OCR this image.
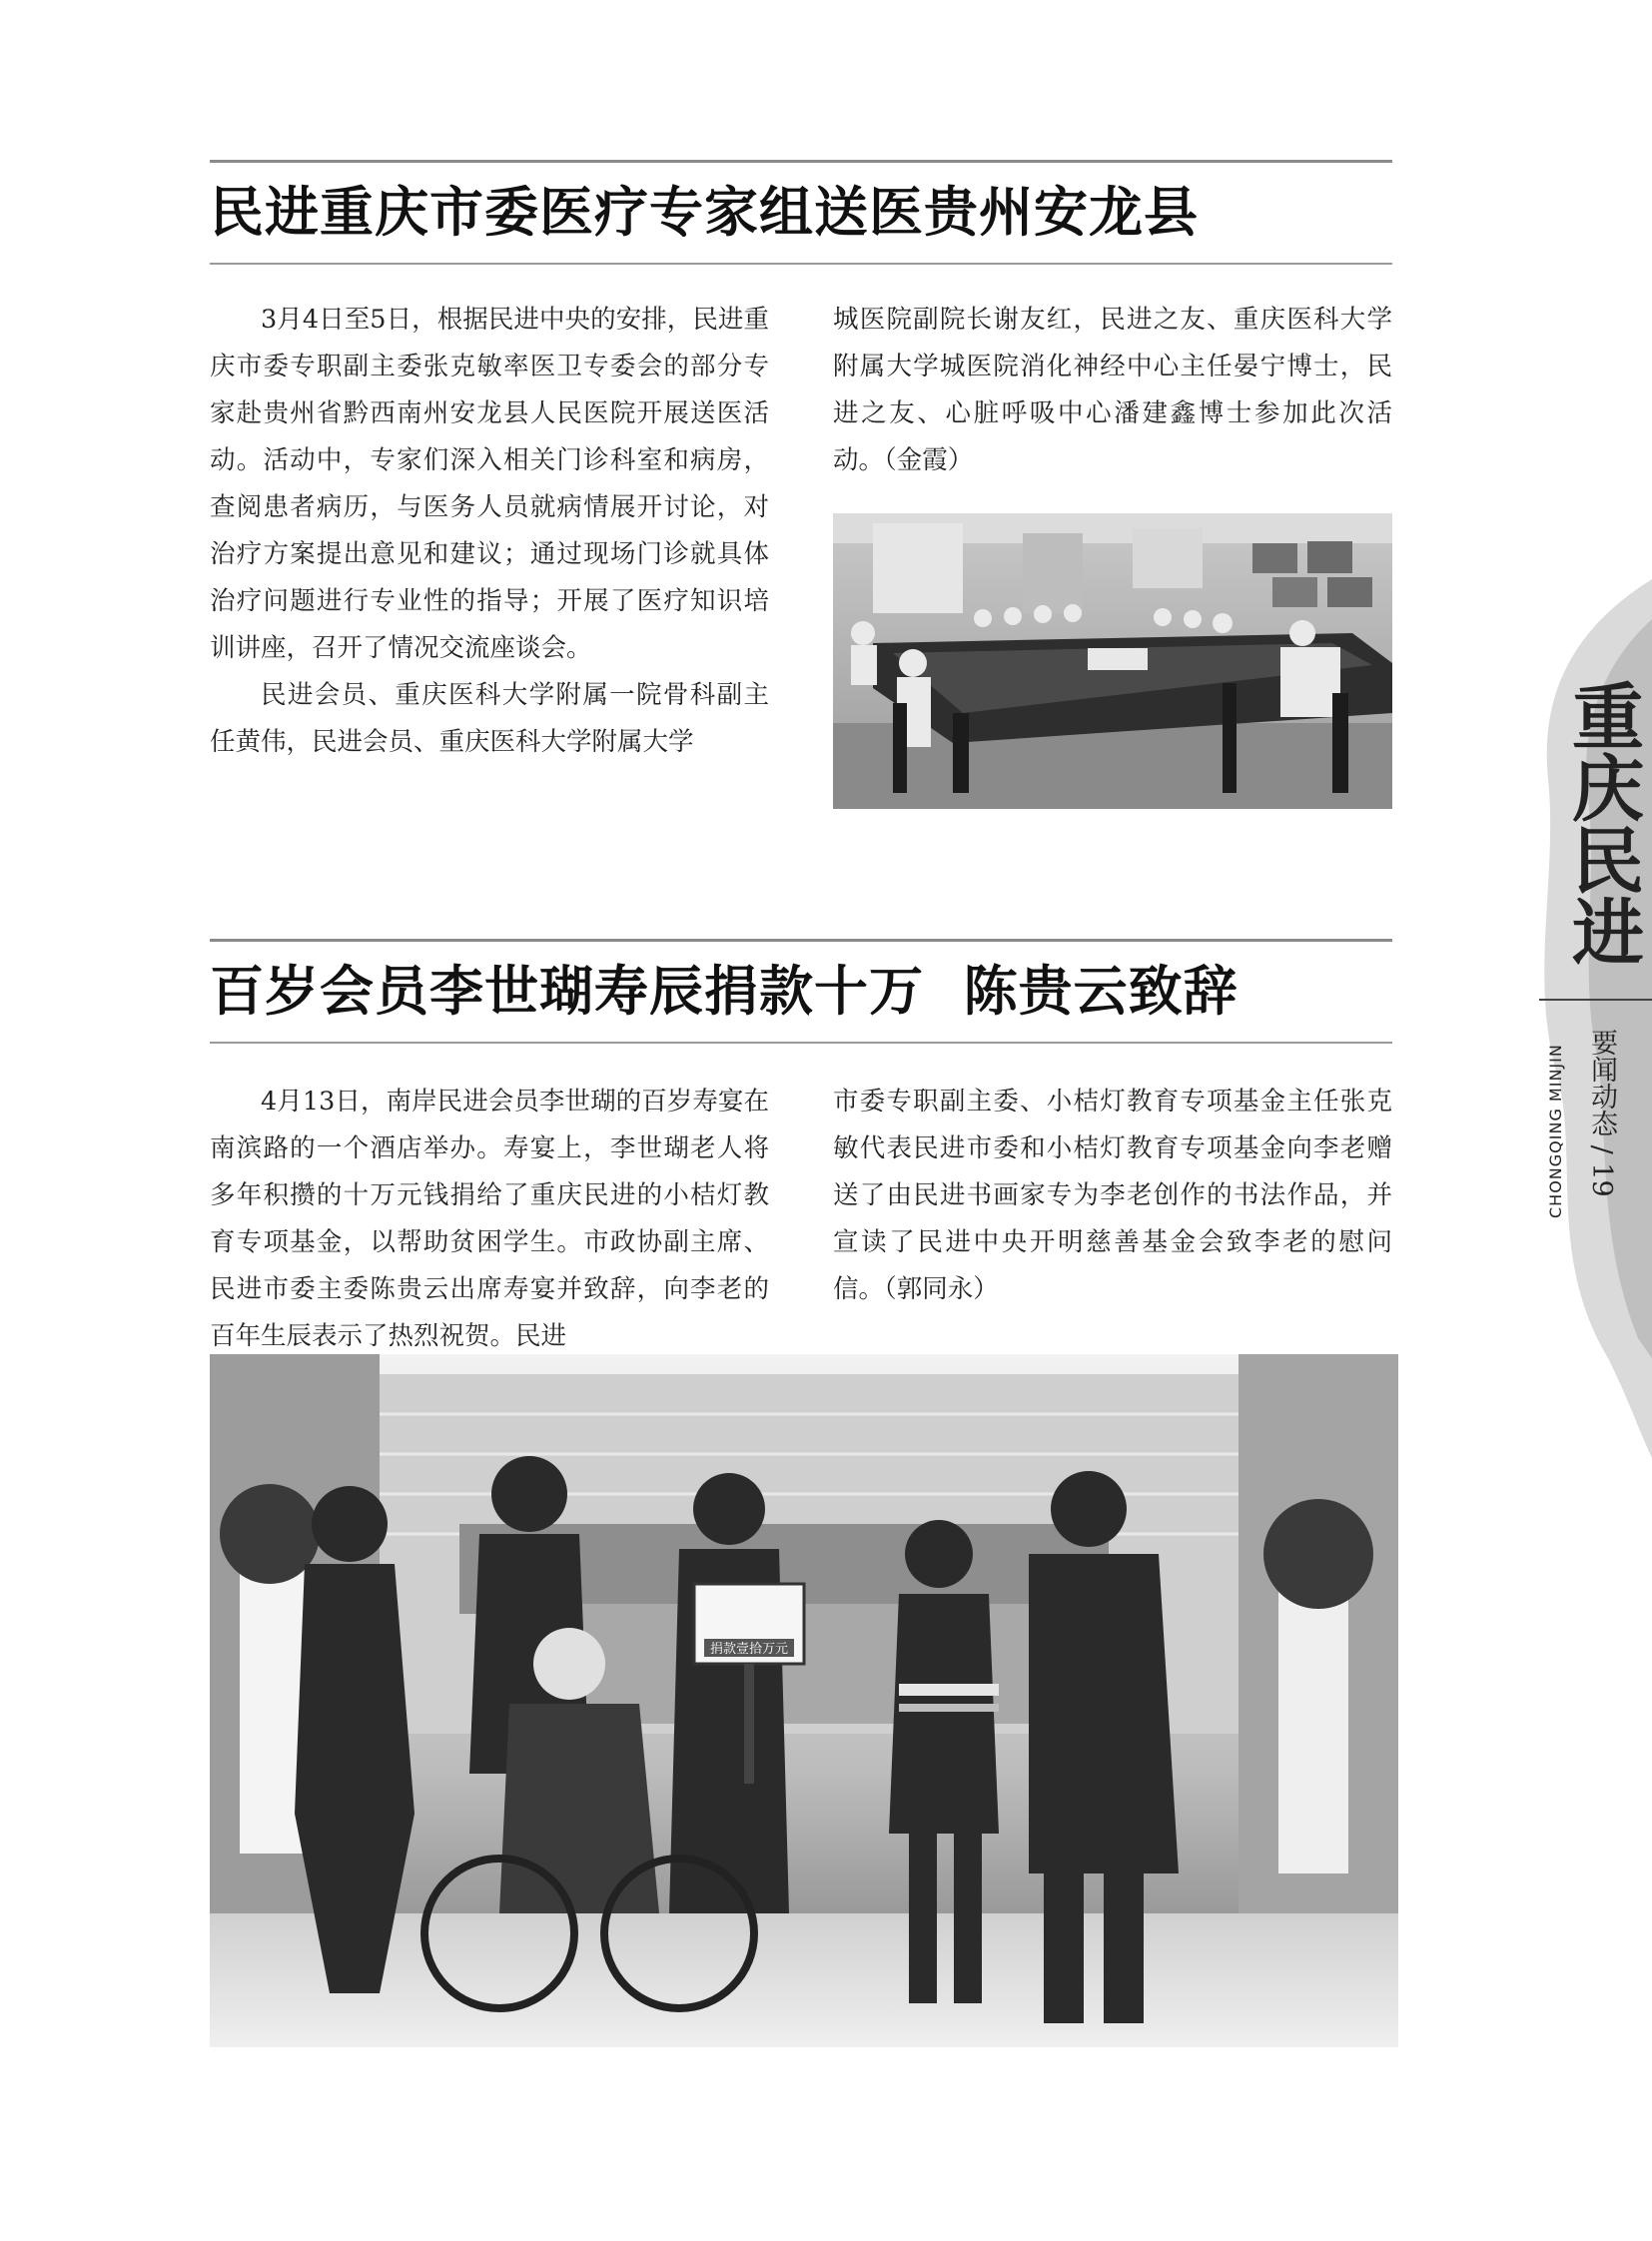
民进重庆市委医疗专家组送医贵州安龙县

3月4日至5日，根据民进中央的安排，民进重庆市委专职副主委张克敏率医卫专委会的部分专家赴贵州省黔西南州安龙县人民医院开展送医活动。活动中，专家们深入相关门诊科室和病房，查阅患者病历，与医务人员就病情展开讨论，对治疗方案提出意见和建议；通过现场门诊就具体治疗问题进行专业性的指导；开展了医疗知识培训讲座，召开了情况交流座谈会。

民进会员、重庆医科大学附属一院骨科副主任黄伟，民进会员、重庆医科大学附属大学

城医院副院长谢友红，民进之友、重庆医科大学附属大学城医院消化神经中心主任晏宁博士，民进之友、心脏呼吸中心潘建鑫博士参加此次活动。（金霞）

百岁会员李世瑚寿辰捐款十万  陈贵云致辞

4月13日，南岸民进会员李世瑚的百岁寿宴在南滨路的一个酒店举办。寿宴上，李世瑚老人将多年积攒的十万元钱捐给了重庆民进的小桔灯教育专项基金，以帮助贫困学生。市政协副主席、民进市委主委陈贵云出席寿宴并致辞，向李老的百年生辰表示了热烈祝贺。民进

市委专职副主委、小桔灯教育专项基金主任张克敏代表民进市委和小桔灯教育专项基金向李老赠送了由民进书画家专为李老创作的书法作品，并宣读了民进中央开明慈善基金会致李老的慰问信。（郭同永）

捐款壹拾万元
重庆民进
CHONGQING MINJIN 要闻动态 / 19
